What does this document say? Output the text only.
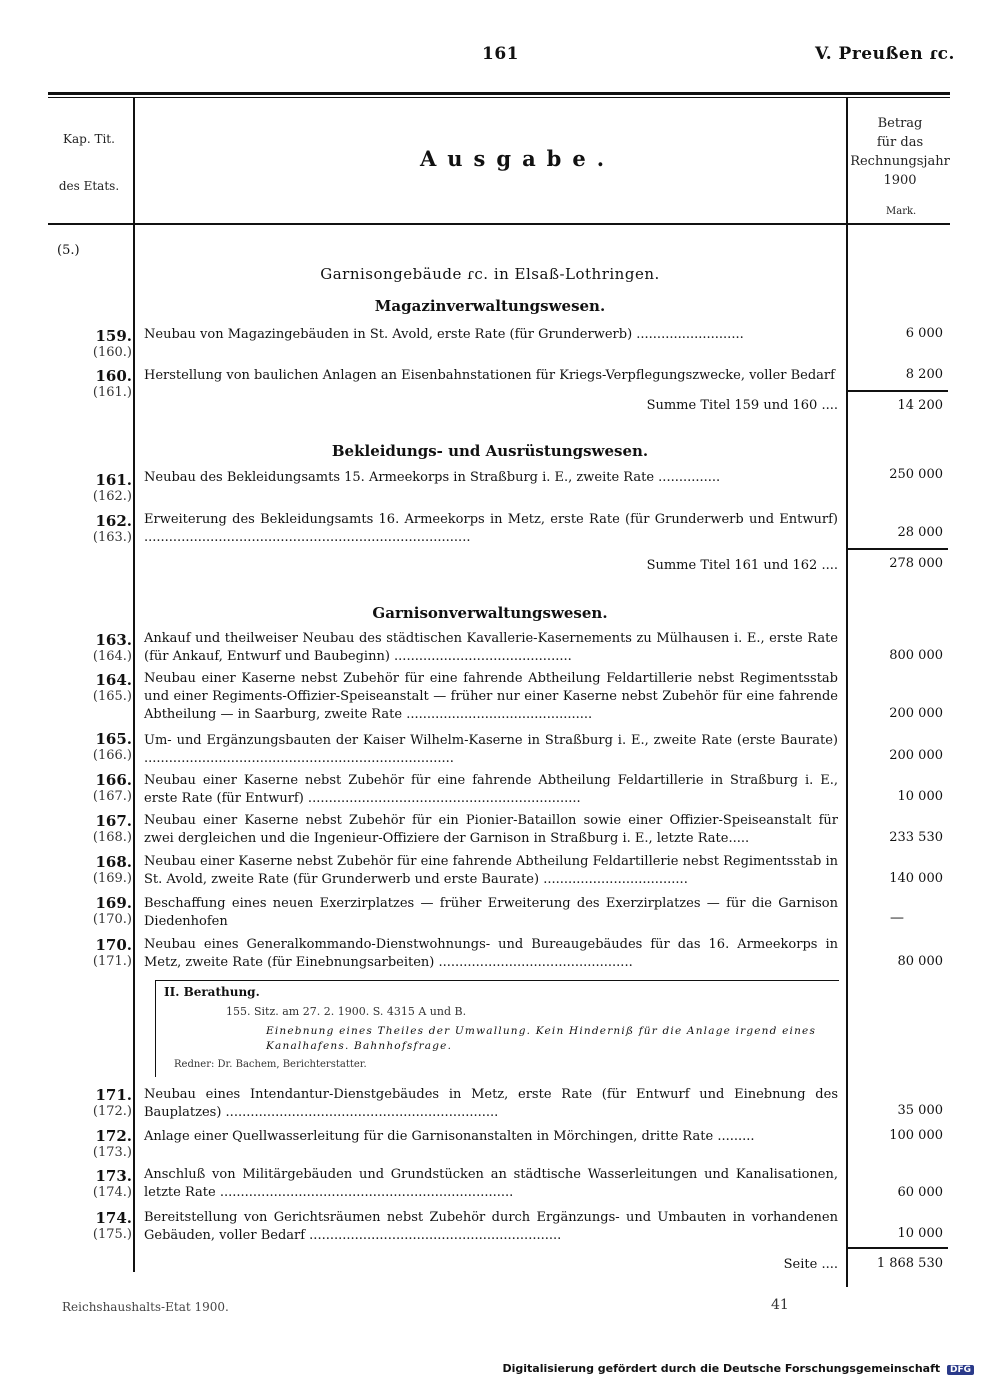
161	V. Preußen ɾc.
Kap. Tit.
des Etats.
Ausgabe.
Betrag
für das
Rechnungsjahr
1900
Mark.
(5.)
Garnisongebäude ɾc. in Elsaß-Lothringen.
Magazinverwaltungswesen.
159.
(160.)
Neubau von Magazingebäuden in St. Avold, erste Rate (für Grunderwerb) ..........................	6 000
160.
(161.)
Herstellung von baulichen Anlagen an Eisenbahnstationen für Kriegs-Verpflegungszwecke, voller Bedarf	8 200
Summe Titel 159 und 160 ....	14 200
Bekleidungs- und Ausrüstungswesen.
161.
(162.)
Neubau des Bekleidungsamts 15. Armeekorps in Straßburg i. E., zweite Rate ...............	250 000
162.
(163.)
Erweiterung des Bekleidungsamts 16. Armeekorps in Metz, erste Rate (für Grunderwerb und Entwurf) ...............................................................................	28 000
Summe Titel 161 und 162 ....	278 000
Garnisonverwaltungswesen.
163.
(164.)
Ankauf und theilweiser Neubau des städtischen Kavallerie-Kasernements zu Mülhausen i. E., erste Rate (für Ankauf, Entwurf und Baubeginn) ...........................................	800 000
164.
(165.)
Neubau einer Kaserne nebst Zubehör für eine fahrende Abtheilung Feldartillerie nebst Regimentsstab und einer Regiments-Offizier-Speiseanstalt — früher nur einer Kaserne nebst Zubehör für eine fahrende Abtheilung — in Saarburg, zweite Rate .............................................	200 000
165.
(166.)
Um- und Ergänzungsbauten der Kaiser Wilhelm-Kaserne in Straßburg i. E., zweite Rate (erste Baurate) ...........................................................................	200 000
166.
(167.)
Neubau einer Kaserne nebst Zubehör für eine fahrende Abtheilung Feldartillerie in Straßburg i. E., erste Rate (für Entwurf) ..................................................................	10 000
167.
(168.)
Neubau einer Kaserne nebst Zubehör für ein Pionier-Bataillon sowie einer Offizier-Speiseanstalt für zwei dergleichen und die Ingenieur-Offiziere der Garnison in Straßburg i. E., letzte Rate.....	233 530
168.
(169.)
Neubau einer Kaserne nebst Zubehör für eine fahrende Abtheilung Feldartillerie nebst Regimentsstab in St. Avold, zweite Rate (für Grunderwerb und erste Baurate) ...................................	140 000
169.
(170.)
Beschaffung eines neuen Exerzirplatzes — früher Erweiterung des Exerzirplatzes — für die Garnison Diedenhofen	—
170.
(171.)
Neubau eines Generalkommando-Dienstwohnungs- und Bureaugebäudes für das 16. Armeekorps in Metz, zweite Rate (für Einebnungsarbeiten) ...............................................	80 000
II. Berathung.
155. Sitz. am 27. 2. 1900. S. 4315 A und B.
Einebnung eines Theiles der Umwallung. Kein Hinderniß für die Anlage irgend eines Kanalhafens. Bahnhofsfrage.
Redner: Dr. Bachem, Berichterstatter.
171.
(172.)
Neubau eines Intendantur-Dienstgebäudes in Metz, erste Rate (für Entwurf und Einebnung des Bauplatzes) ..................................................................	35 000
172.
(173.)
Anlage einer Quellwasserleitung für die Garnisonanstalten in Mörchingen, dritte Rate .........	100 000
173.
(174.)
Anschluß von Militärgebäuden und Grundstücken an städtische Wasserleitungen und Kanalisationen, letzte Rate .......................................................................	60 000
174.
(175.)
Bereitstellung von Gerichtsräumen nebst Zubehör durch Ergänzungs- und Umbauten in vorhandenen Gebäuden, voller Bedarf .............................................................	10 000
Seite ....	1 868 530
Reichshaushalts-Etat 1900.	41
Digitalisierung gefördert durch die Deutsche Forschungsgemeinschaft DFG
